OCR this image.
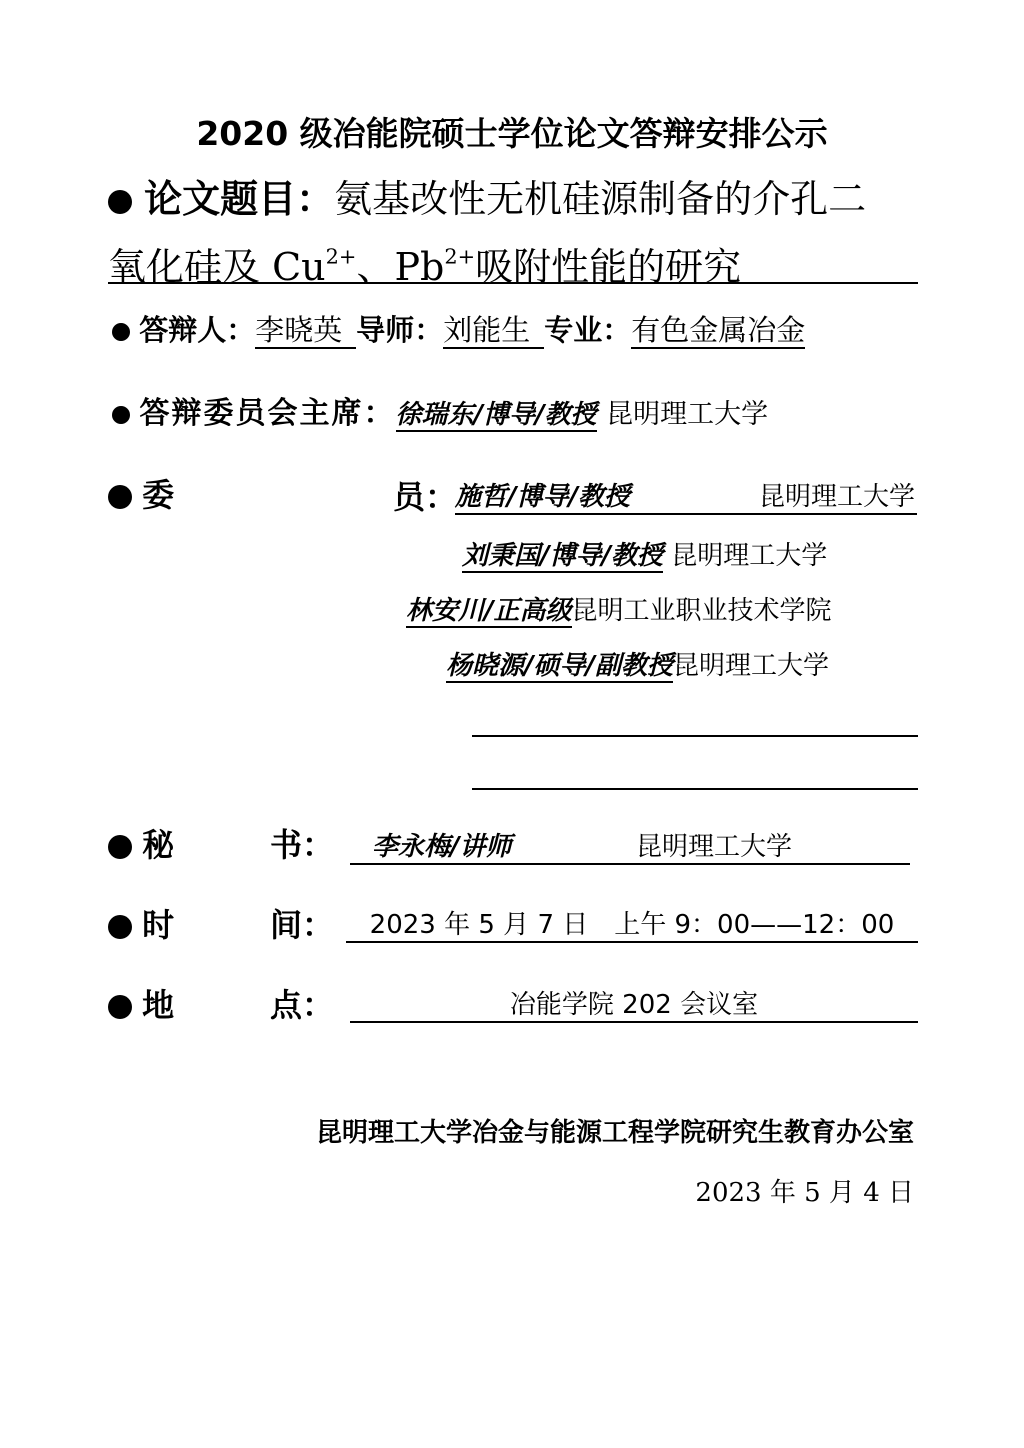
2020 级冶能院硕士学位论文答辩安排公示
论文题目：氨基改性无机硅源制备的介孔二
氧化硅及 $Cu^{2+}$、$Pb^{2+}$吸附性能的研究
答辩人：李晓英 导师：刘能生 专业：有色金属冶金
答辩委员会主席：徐瑞东/博导/教授 昆明理工大学
委	员：
施哲/博导/教授	昆明理工大学
刘秉国/博导/教授 昆明理工大学
林安川/正高级昆明工业职业技术学院
杨晓源/硕导/副教授昆明理工大学
秘	书：	李永梅/讲师	昆明理工大学
时	间：	2023 年 5 月 7 日　上午 9：00——12：00
地	点：	冶能学院 202 会议室
昆明理工大学冶金与能源工程学院研究生教育办公室
2023 年 5 月 4 日
